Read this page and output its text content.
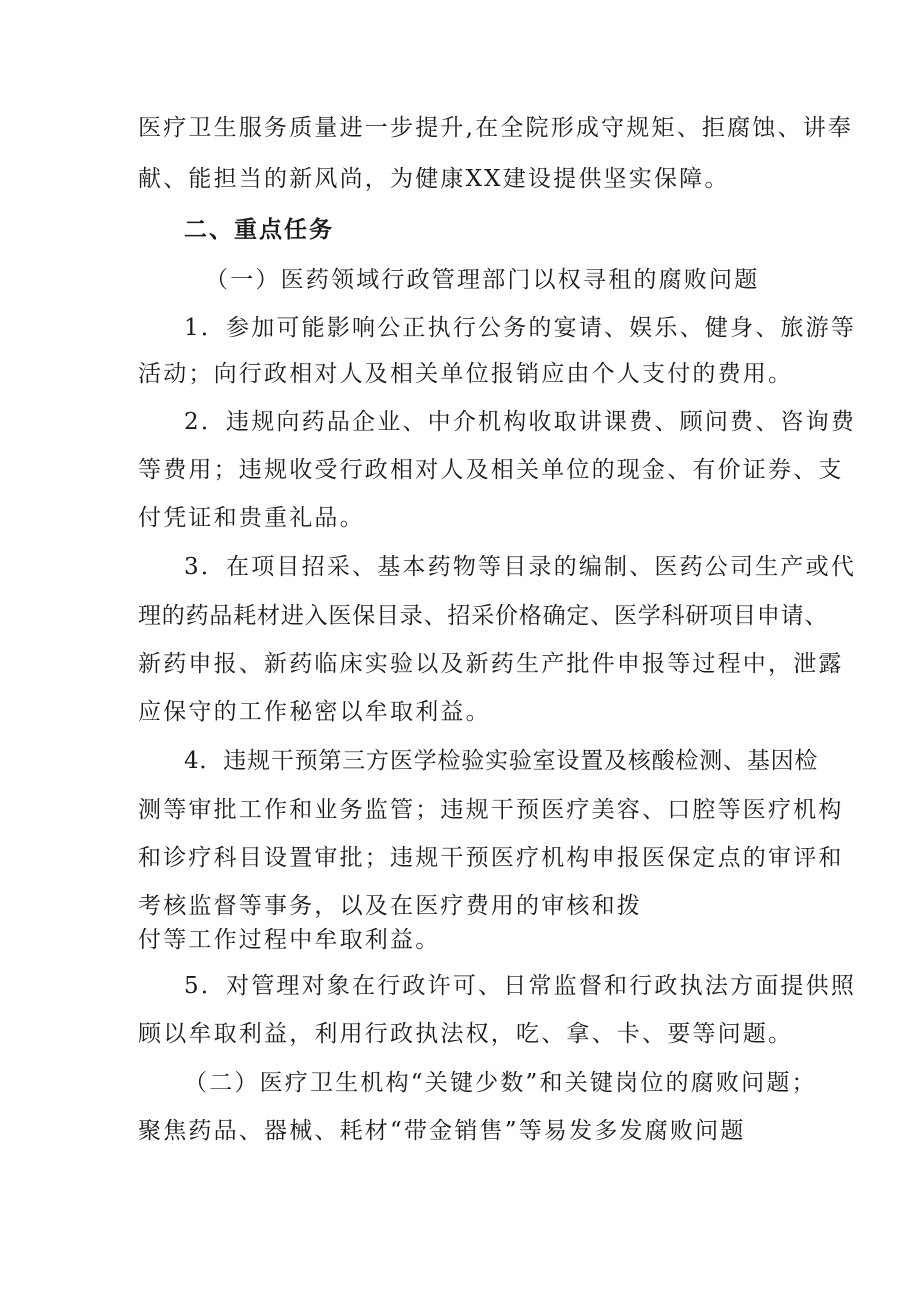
医疗卫生服务质量进一步提升,在全院形成守规矩、拒腐蚀、讲奉
献、能担当的新风尚，为健康XX建设提供坚实保障。
二、重点任务
（一）医药领域行政管理部门以权寻租的腐败问题
1．参加可能影响公正执行公务的宴请、娱乐、健身、旅游等
活动；向行政相对人及相关单位报销应由个人支付的费用。
2．违规向药品企业、中介机构收取讲课费、顾问费、咨询费
等费用；违规收受行政相对人及相关单位的现金、有价证券、支
付凭证和贵重礼品。
3．在项目招采、基本药物等目录的编制、医药公司生产或代
理的药品耗材进入医保目录、招采价格确定、医学科研项目申请、
新药申报、新药临床实验以及新药生产批件申报等过程中，泄露
应保守的工作秘密以牟取利益。
4．违规干预第三方医学检验实验室设置及核酸检测、基因检
测等审批工作和业务监管；违规干预医疗美容、口腔等医疗机构
和诊疗科目设置审批；违规干预医疗机构申报医保定点的审评和
考核监督等事务，以及在医疗费用的审核和拨
付等工作过程中牟取利益。
5．对管理对象在行政许可、日常监督和行政执法方面提供照
顾以牟取利益，利用行政执法权，吃、拿、卡、要等问题。
（二）医疗卫生机构“关键少数”和关键岗位的腐败问题；
聚焦药品、器械、耗材“带金销售”等易发多发腐败问题
